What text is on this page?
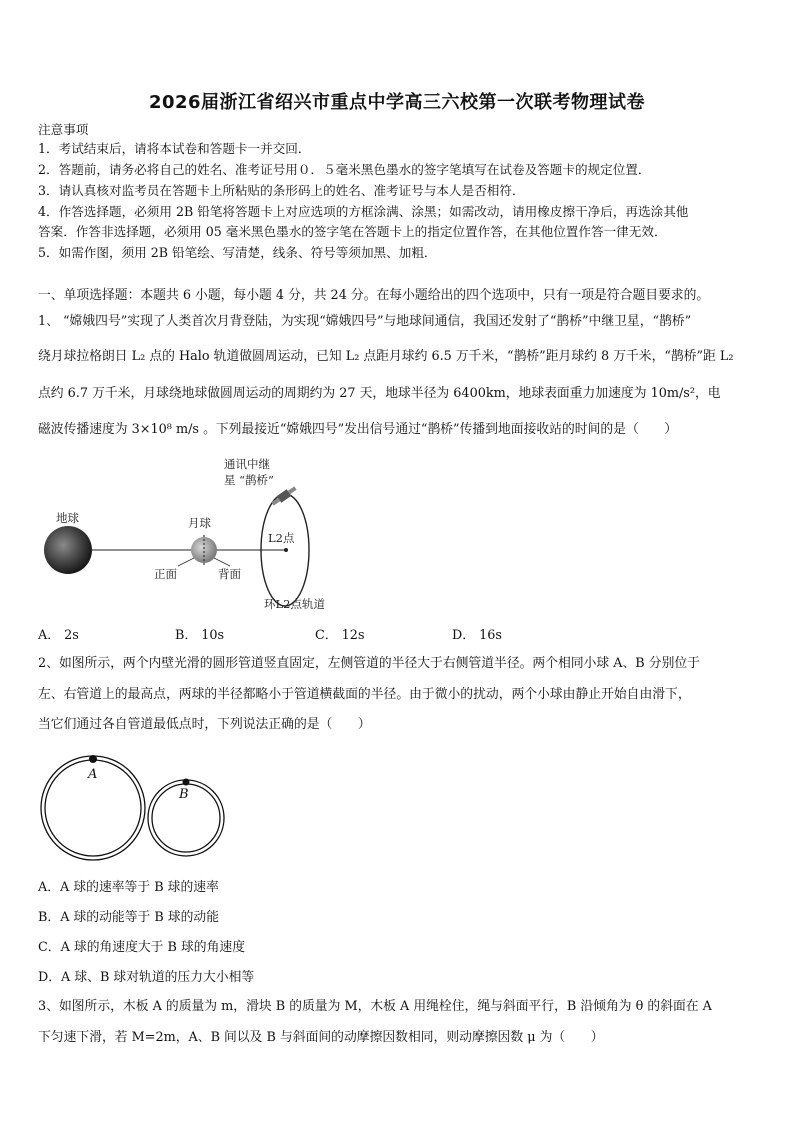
2026届浙江省绍兴市重点中学高三六校第一次联考物理试卷
注意事项
1．考试结束后，请将本试卷和答题卡一并交回．
2．答题前，请务必将自己的姓名、准考证号用０．５毫米黑色墨水的签字笔填写在试卷及答题卡的规定位置．
3．请认真核对监考员在答题卡上所粘贴的条形码上的姓名、准考证号与本人是否相符．
4．作答选择题，必须用 2B 铅笔将答题卡上对应选项的方框涂满、涂黑；如需改动，请用橡皮擦干净后，再选涂其他
答案．作答非选择题，必须用 05 毫米黑色墨水的签字笔在答题卡上的指定位置作答，在其他位置作答一律无效．
5．如需作图，须用 2B 铅笔绘、写清楚，线条、符号等须加黑、加粗．
一、单项选择题：本题共 6 小题，每小题 4 分，共 24 分。在每小题给出的四个选项中，只有一项是符合题目要求的。
1、 “嫦娥四号”实现了人类首次月背登陆，为实现“嫦娥四号”与地球间通信，我国还发射了“鹊桥”中继卫星，“鹊桥”
绕月球拉格朗日 L₂ 点的 Halo 轨道做圆周运动，已知 L₂ 点距月球约 6.5 万千米，“鹊桥”距月球约 8 万千米，“鹊桥”距 L₂
点约 6.7 万千米，月球绕地球做圆周运动的周期约为 27 天，地球半径为 6400km，地球表面重力加速度为 10m/s²，电
磁波传播速度为 3×10⁸ m/s 。下列最接近“嫦娥四号”发出信号通过“鹊桥”传播到地面接收站的时间的是（　　）
地球	月球
正面	背面
L2点
环L2点轨道
通讯中继
星 “鹊桥”
A． 2s	B． 10s	C． 12s	D． 16s
2、如图所示，两个内壁光滑的圆形管道竖直固定，左侧管道的半径大于右侧管道半径。两个相同小球 A、B 分别位于
左、右管道上的最高点，两球的半径都略小于管道横截面的半径。由于微小的扰动，两个小球由静止开始自由滑下，
当它们通过各自管道最低点时，下列说法正确的是（　　）
A
B
A．A 球的速率等于 B 球的速率
B．A 球的动能等于 B 球的动能
C．A 球的角速度大于 B 球的角速度
D．A 球、B 球对轨道的压力大小相等
3、如图所示，木板 A 的质量为 m，滑块 B 的质量为 M，木板 A 用绳栓住，绳与斜面平行，B 沿倾角为 θ 的斜面在 A
下匀速下滑，若 M=2m，A、B 间以及 B 与斜面间的动摩擦因数相同，则动摩擦因数 μ 为（　　）
